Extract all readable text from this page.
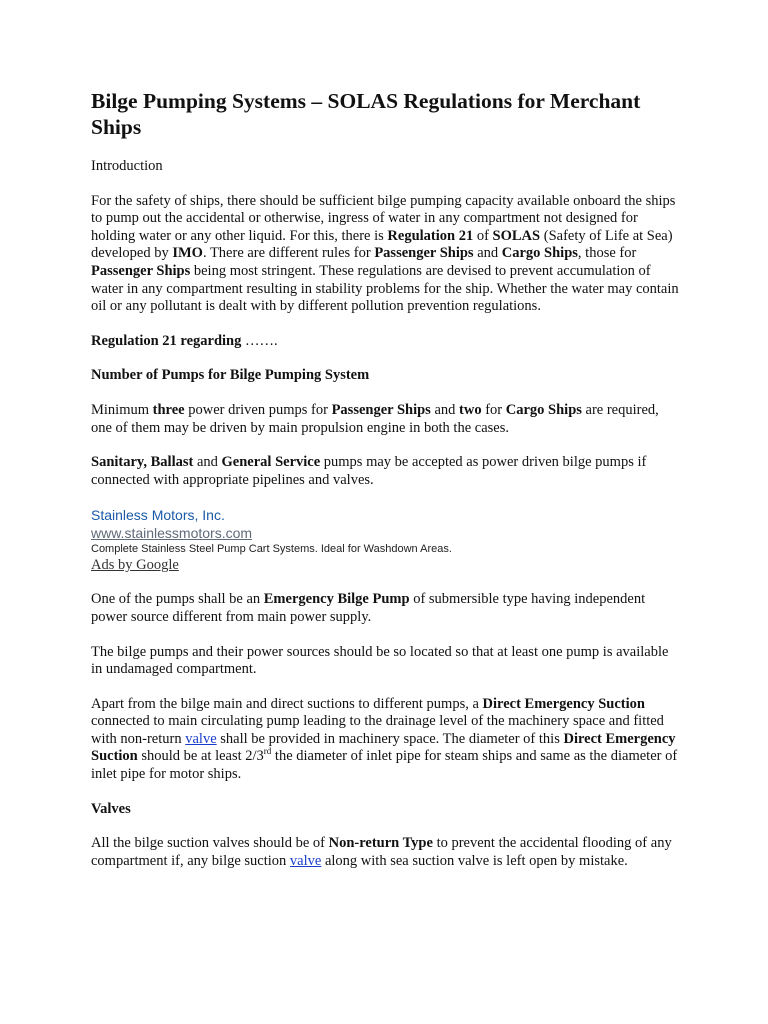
Bilge Pumping Systems – SOLAS Regulations for Merchant Ships

Introduction

For the safety of ships, there should be sufficient bilge pumping capacity available onboard the ships to pump out the accidental or otherwise, ingress of water in any compartment not designed for holding water or any other liquid. For this, there is Regulation 21 of SOLAS (Safety of Life at Sea) developed by IMO. There are different rules for Passenger Ships and Cargo Ships, those for Passenger Ships being most stringent. These regulations are devised to prevent accumulation of water in any compartment resulting in stability problems for the ship. Whether the water may contain oil or any pollutant is dealt with by different pollution prevention regulations.

Regulation 21 regarding …….

Number of Pumps for Bilge Pumping System

Minimum three power driven pumps for Passenger Ships and two for Cargo Ships are required, one of them may be driven by main propulsion engine in both the cases.

Sanitary, Ballast and General Service pumps may be accepted as power driven bilge pumps if connected with appropriate pipelines and valves.

Stainless Motors, Inc.
www.stainlessmotors.com
Complete Stainless Steel Pump Cart Systems. Ideal for Washdown Areas.
Ads by Google

One of the pumps shall be an Emergency Bilge Pump of submersible type having independent power source different from main power supply.

The bilge pumps and their power sources should be so located so that at least one pump is available in undamaged compartment.

Apart from the bilge main and direct suctions to different pumps, a Direct Emergency Suction connected to main circulating pump leading to the drainage level of the machinery space and fitted with non-return valve shall be provided in machinery space. The diameter of this Direct Emergency Suction should be at least 2/3rd the diameter of inlet pipe for steam ships and same as the diameter of inlet pipe for motor ships.

Valves

All the bilge suction valves should be of Non-return Type to prevent the accidental flooding of any compartment if, any bilge suction valve along with sea suction valve is left open by mistake.
